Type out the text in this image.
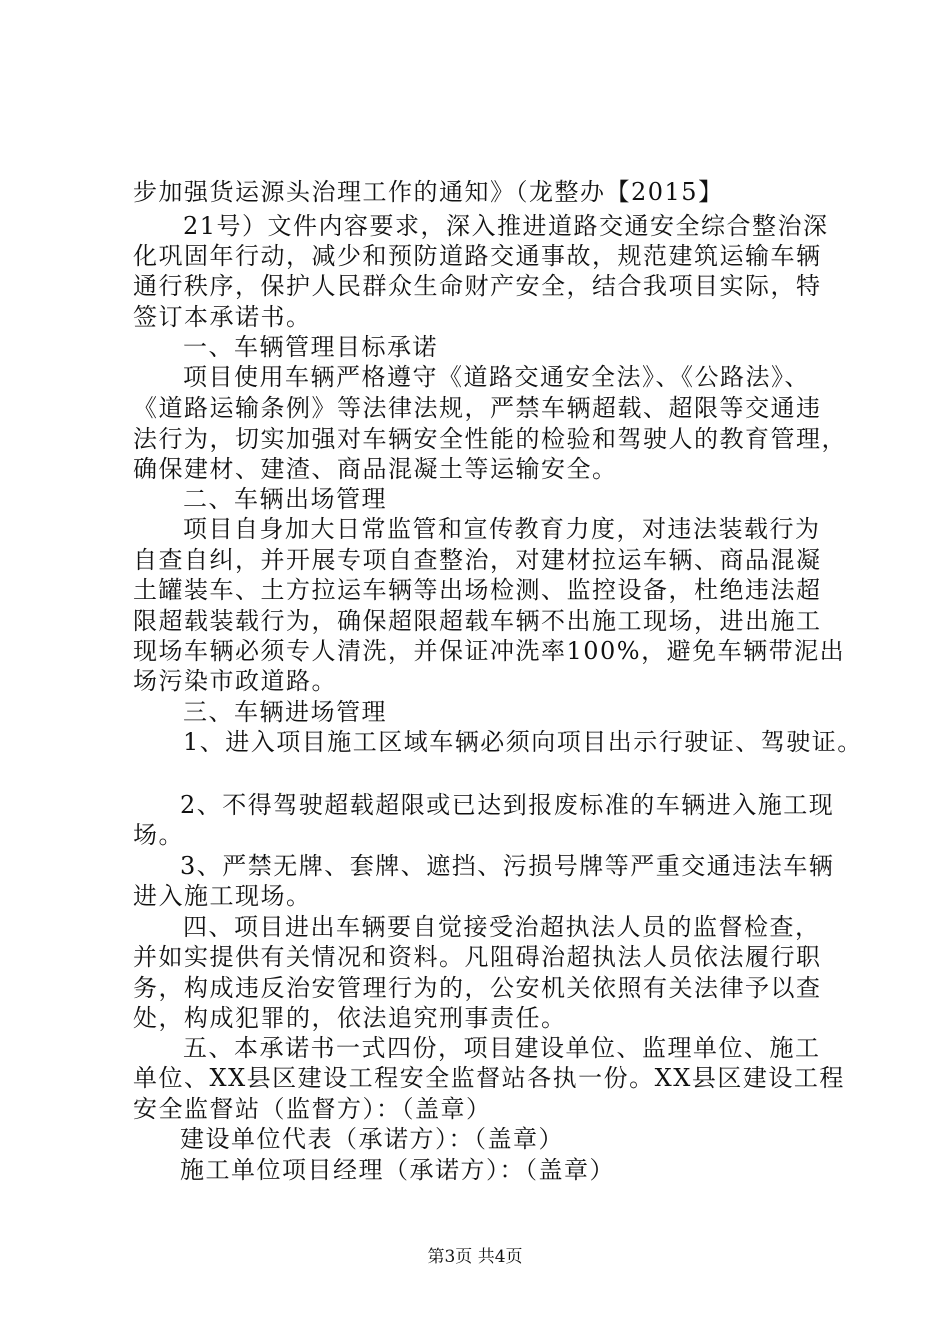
步加强货运源头治理工作的通知》（龙整办【2015】
21号）文件内容要求，深入推进道路交通安全综合整治深
化巩固年行动，减少和预防道路交通事故，规范建筑运输车辆
通行秩序，保护人民群众生命财产安全，结合我项目实际，特
签订本承诺书。
一、车辆管理目标承诺
项目使用车辆严格遵守《道路交通安全法》、《公路法》、
《道路运输条例》等法律法规，严禁车辆超载、超限等交通违
法行为，切实加强对车辆安全性能的检验和驾驶人的教育管理，
确保建材、建渣、商品混凝土等运输安全。
二、车辆出场管理
项目自身加大日常监管和宣传教育力度，对违法装载行为
自查自纠，并开展专项自查整治，对建材拉运车辆、商品混凝
土罐装车、土方拉运车辆等出场检测、监控设备，杜绝违法超
限超载装载行为，确保超限超载车辆不出施工现场，进出施工
现场车辆必须专人清洗，并保证冲洗率100%，避免车辆带泥出
场污染市政道路。
三、车辆进场管理
1、进入项目施工区域车辆必须向项目出示行驶证、驾驶证。
2、不得驾驶超载超限或已达到报废标准的车辆进入施工现
场。
3、严禁无牌、套牌、遮挡、污损号牌等严重交通违法车辆
进入施工现场。
四、项目进出车辆要自觉接受治超执法人员的监督检查，
并如实提供有关情况和资料。凡阻碍治超执法人员依法履行职
务，构成违反治安管理行为的，公安机关依照有关法律予以查
处，构成犯罪的，依法追究刑事责任。
五、本承诺书一式四份，项目建设单位、监理单位、施工
单位、XX县区建设工程安全监督站各执一份。XX县区建设工程
安全监督站（监督方）：（盖章）
建设单位代表（承诺方）：（盖章）
施工单位项目经理（承诺方）：（盖章）
第3页 共4页
